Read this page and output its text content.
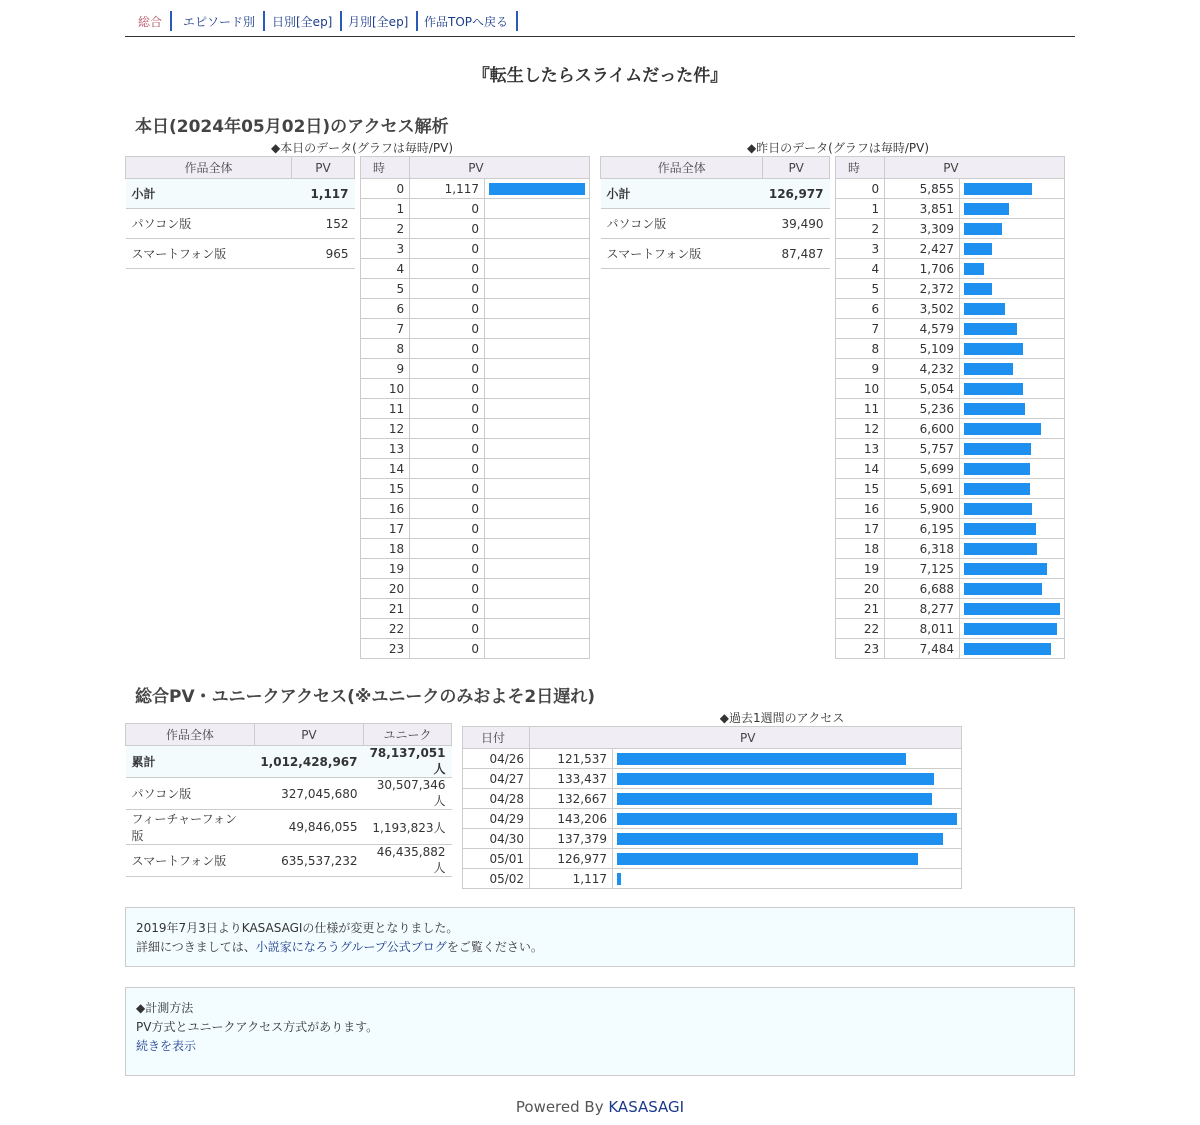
総合	エピソード別	日別[全ep]	月別[全ep]	作品TOPへ戻る
『転生したらスライムだった件』
本日(2024年05月02日)のアクセス解析
◆本日のデータ(グラフは毎時/PV)
作品全体	PV
小計	1,117
パソコン版	152
スマートフォン版	965
時	PV	
0	1,117	

1	0	
2	0	
3	0	
4	0	
5	0	
6	0	
7	0	
8	0	
9	0	
10	0	
11	0	
12	0	
13	0	
14	0	
15	0	
16	0	
17	0	
18	0	
19	0	
20	0	
21	0	
22	0	
23	0	
◆昨日のデータ(グラフは毎時/PV)
作品全体	PV
小計	126,977
パソコン版	39,490
スマートフォン版	87,487
時	PV	
0	5,855	

1	3,851	

2	3,309	

3	2,427	

4	1,706	

5	2,372	

6	3,502	

7	4,579	

8	5,109	

9	4,232	

10	5,054	

11	5,236	

12	6,600	

13	5,757	

14	5,699	

15	5,691	

16	5,900	

17	6,195	

18	6,318	

19	7,125	

20	6,688	

21	8,277	

22	8,011	

23	7,484	
総合PV・ユニークアクセス(※ユニークのみおよそ2日遅れ)
作品全体	PV	ユニーク
累計	1,012,428,967	78,137,051人
パソコン版	327,045,680	30,507,346人
フィーチャーフォン版	49,846,055	1,193,823人
スマートフォン版	635,537,232	46,435,882人
◆過去1週間のアクセス
日付	PV	
04/26	121,537	

04/27	133,437	

04/28	132,667	

04/29	143,206	

04/30	137,379	

05/01	126,977	

05/02	1,117	
2019年7月3日よりKASASAGIの仕様が変更となりました。
詳細につきましては、小説家になろうグループ公式ブログをご覧ください。
◆計測方法
PV方式とユニークアクセス方式があります。
続きを表示
Powered By KASASAGI
